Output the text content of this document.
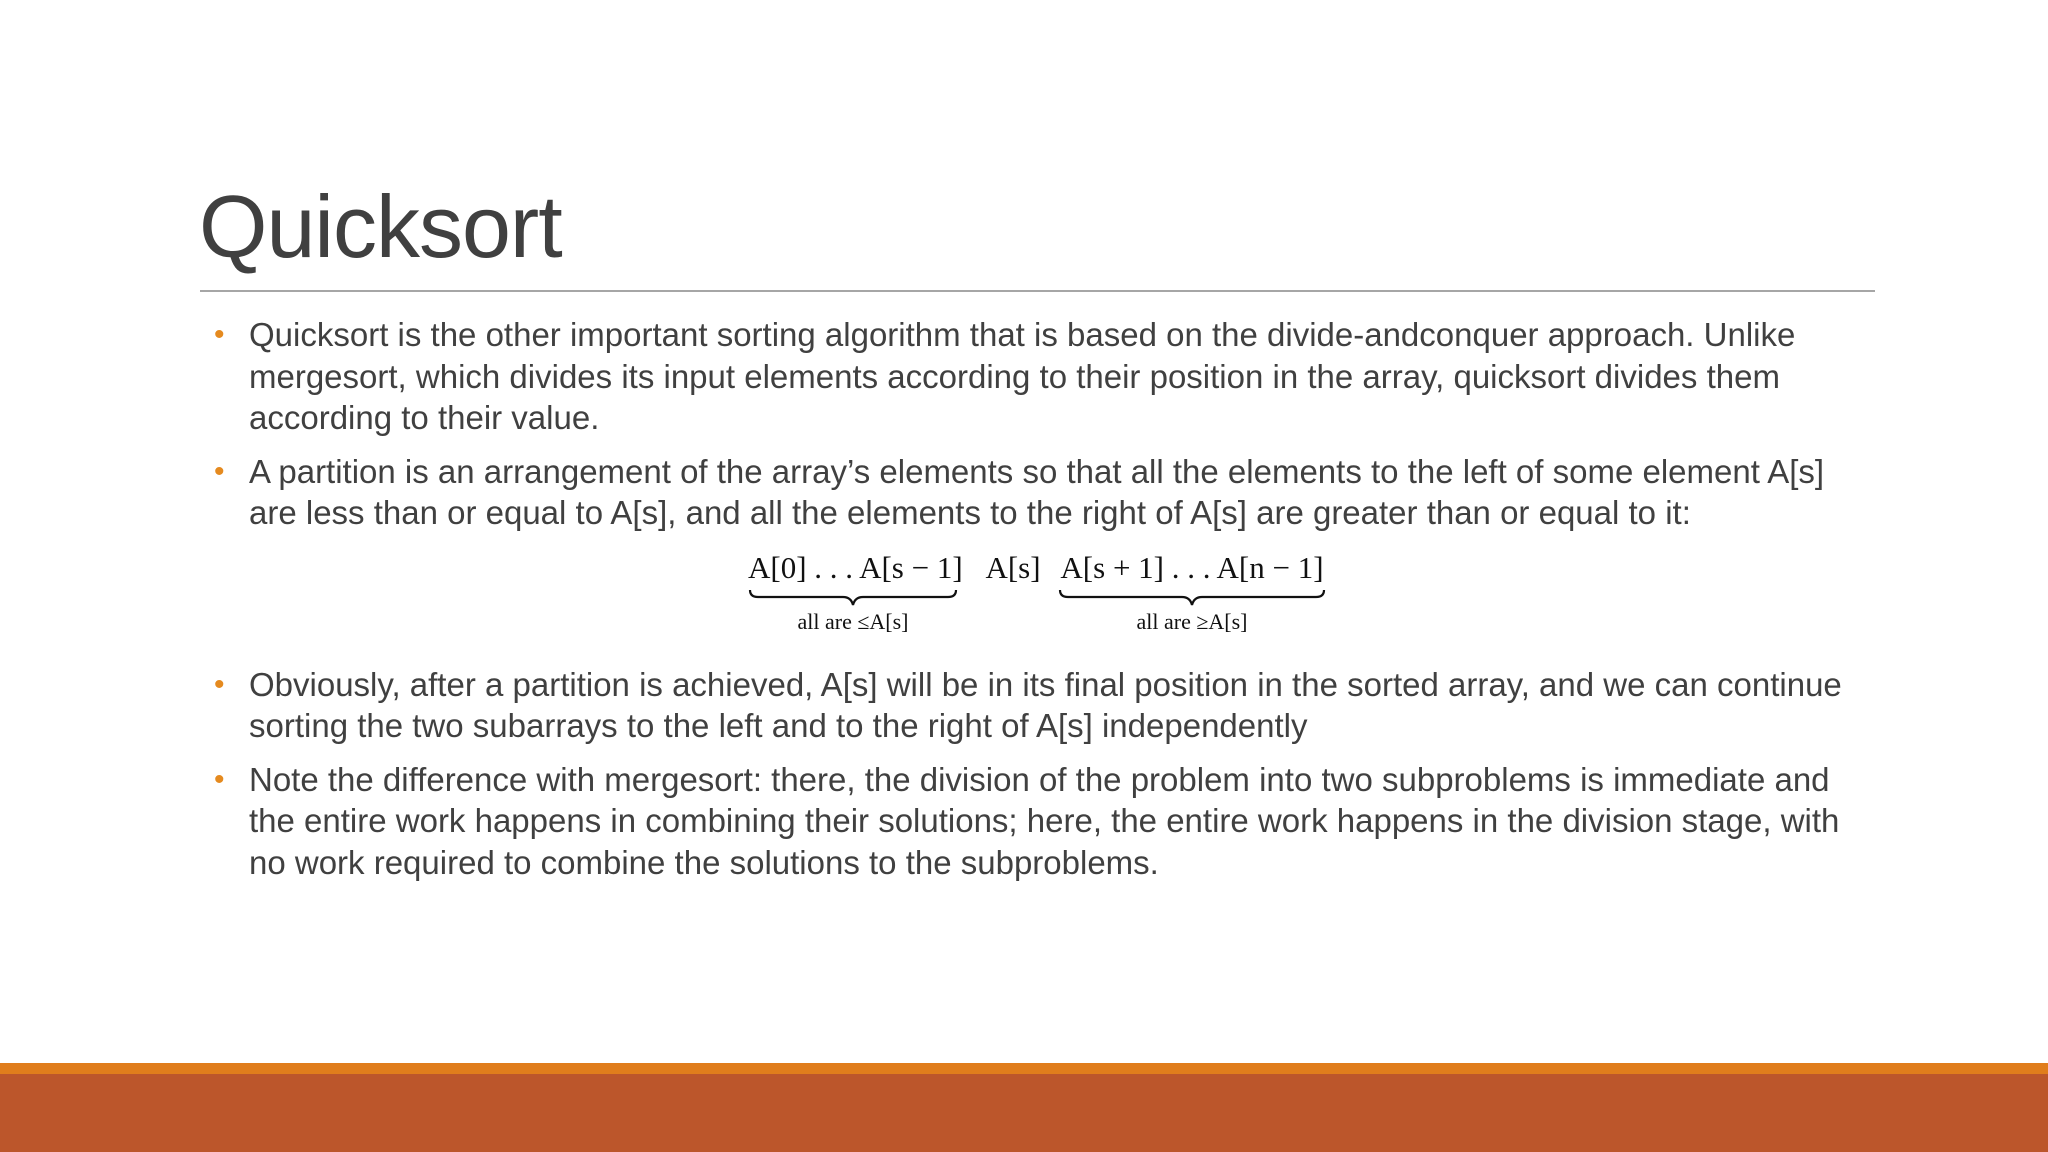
Quicksort
• Quicksort is the other important sorting algorithm that is based on the divide-andconquer approach. Unlike mergesort, which divides its input elements according to their position in the array, quicksort divides them according to their value.
• A partition is an arrangement of the array’s elements so that all the elements to the left of some element A[s] are less than or equal to A[s], and all the elements to the right of A[s] are greater than or equal to it:
A[0] . . . A[s − 1] A[s] A[s + 1] . . . A[n − 1]
all are ≤A[s]	all are ≥A[s]
• Obviously, after a partition is achieved, A[s] will be in its final position in the sorted array, and we can continue sorting the two subarrays to the left and to the right of A[s] independently
• Note the difference with mergesort: there, the division of the problem into two subproblems is immediate and the entire work happens in combining their solutions; here, the entire work happens in the division stage, with no work required to combine the solutions to the subproblems.
